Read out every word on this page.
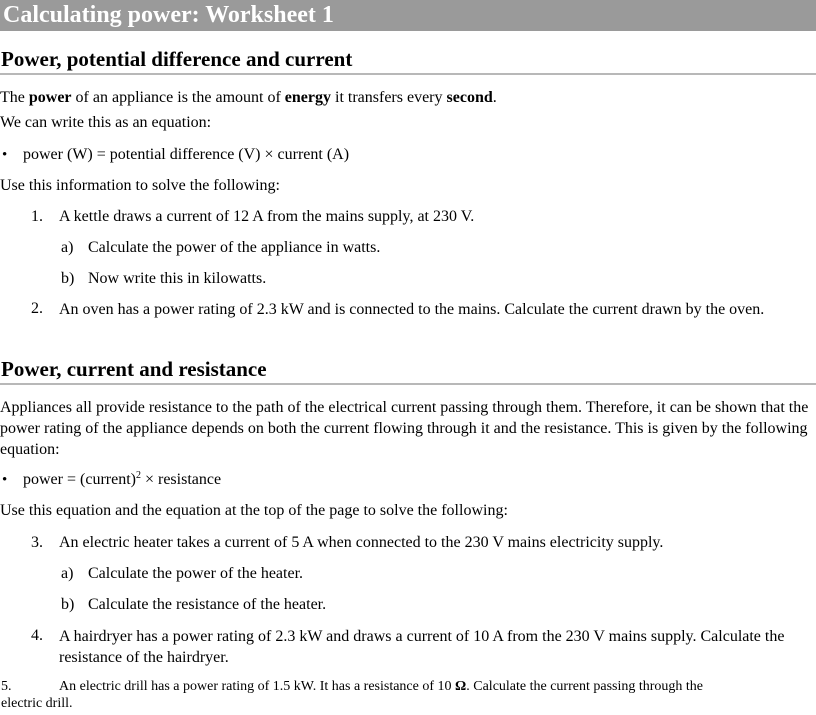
Calculating power: Worksheet 1
Power, potential difference and current
The power of an appliance is the amount of energy it transfers every second.
We can write this as an equation:
• power (W) = potential difference (V) × current (A)
Use this information to solve the following:
1. A kettle draws a current of 12 A from the mains supply, at 230 V.
a) Calculate the power of the appliance in watts.
b) Now write this in kilowatts.
2. An oven has a power rating of 2.3 kW and is connected to the mains. Calculate the current drawn by the oven.
Power, current and resistance
Appliances all provide resistance to the path of the electrical current passing through them. Therefore, it can be shown that the power rating of the appliance depends on both the current flowing through it and the resistance. This is given by the following equation:
• power = (current)$^2$ × resistance
Use this equation and the equation at the top of the page to solve the following:
3. An electric heater takes a current of 5 A when connected to the 230 V mains electricity supply.
a) Calculate the power of the heater.
b) Calculate the resistance of the heater.
4. A hairdryer has a power rating of 2.3 kW and draws a current of 10 A from the 230 V mains supply. Calculate the resistance of the hairdryer.
5.	An electric drill has a power rating of 1.5 kW. It has a resistance of 10 Ω. Calculate the current passing through the
electric drill.
